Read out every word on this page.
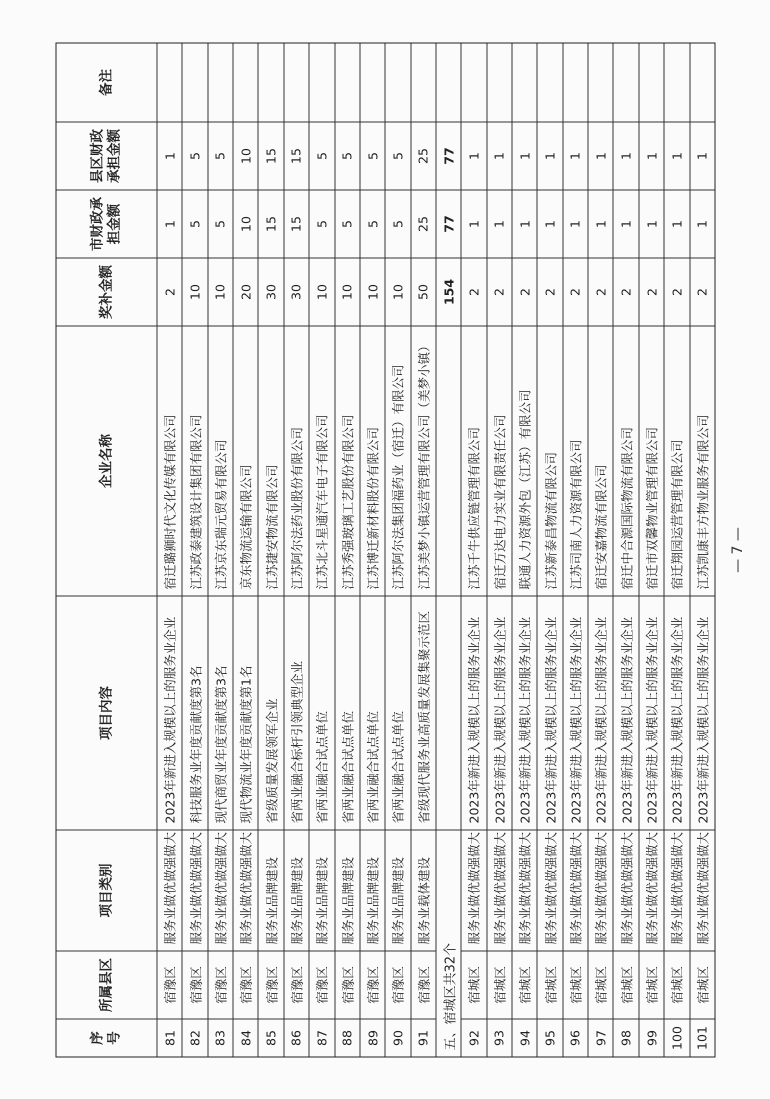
序号
所属县区
项目类别
项目内容
企业名称
奖补金额
市财政承担金额
县区财政承担金额
备注
81
宿豫区
服务业做优做强做大
2023年新进入规模以上的服务业企业
宿迁璐狮时代文化传媒有限公司
2
1
1
82
宿豫区
服务业做优做强做大
科技服务业年度贡献度第3名
江苏政泰建筑设计集团有限公司
10
5
5
83
宿豫区
服务业做优做强做大
现代商贸业年度贡献度第3名
江苏京东瑞元贸易有限公司
10
5
5
84
宿豫区
服务业做优做强做大
现代物流业年度贡献度第1名
京东物流运输有限公司
20
10
10
85
宿豫区
服务业品牌建设
省级质量发展领军企业
江苏捷安物流有限公司
30
15
15
86
宿豫区
服务业品牌建设
省两业融合标杆引领典型企业
江苏阿尔法药业股份有限公司
30
15
15
87
宿豫区
服务业品牌建设
省两业融合试点单位
江苏北斗星通汽车电子有限公司
10
5
5
88
宿豫区
服务业品牌建设
省两业融合试点单位
江苏秀强玻璃工艺股份有限公司
10
5
5
89
宿豫区
服务业品牌建设
省两业融合试点单位
江苏博迁新材料股份有限公司
10
5
5
90
宿豫区
服务业品牌建设
省两业融合试点单位
江苏阿尔法集团福药业（宿迁）有限公司
10
5
5
91
宿豫区
服务业载体建设
省级现代服务业高质量发展集聚示范区
江苏美梦小镇运营管理有限公司（美梦小镇）
50
25
25
五、宿城区共32个
154
77
77
92
宿城区
服务业做优做强做大
2023年新进入规模以上的服务业企业
江苏千牛供应链管理有限公司
2
1
1
93
宿城区
服务业做优做强做大
2023年新进入规模以上的服务业企业
宿迁万达电力实业有限责任公司
2
1
1
94
宿城区
服务业做优做强做大
2023年新进入规模以上的服务业企业
联通人力资源外包（江苏）有限公司
2
1
1
95
宿城区
服务业做优做强做大
2023年新进入规模以上的服务业企业
江苏新泰昌物流有限公司
2
1
1
96
宿城区
服务业做优做强做大
2023年新进入规模以上的服务业企业
江苏司南人力资源有限公司
2
1
1
97
宿城区
服务业做优做强做大
2023年新进入规模以上的服务业企业
宿迁安嘉物流有限公司
2
1
1
98
宿城区
服务业做优做强做大
2023年新进入规模以上的服务业企业
宿迁中合源国际物流有限公司
2
1
1
99
宿城区
服务业做优做强做大
2023年新进入规模以上的服务业企业
宿迁市双馨物业管理有限公司
2
1
1
100
宿城区
服务业做优做强做大
2023年新进入规模以上的服务业企业
宿迁翔园运营管理有限公司
2
1
1
101
宿城区
服务业做优做强做大
2023年新进入规模以上的服务业企业
江苏凯康丰方物业服务有限公司
2
1
1
— 7 —
